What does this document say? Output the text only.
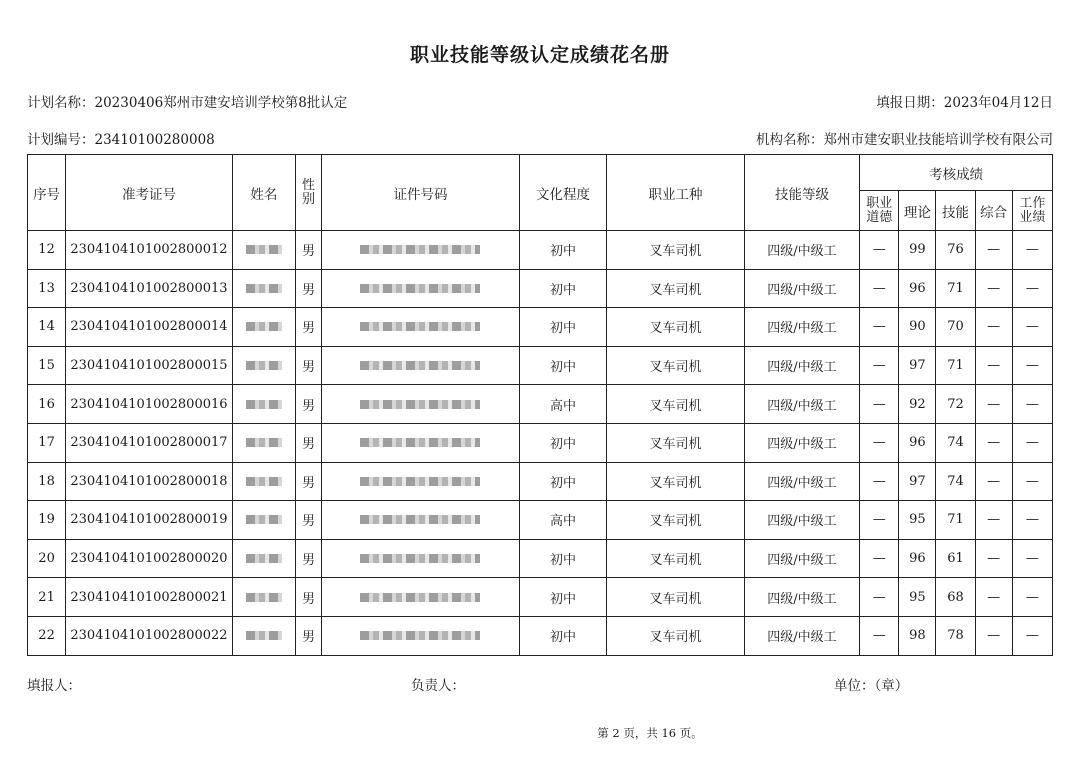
职业技能等级认定成绩花名册
计划名称：20230406郑州市建安培训学校第8批认定	填报日期：2023年04月12日
计划编号：23410100280008	机构名称：郑州市建安职业技能培训学校有限公司
序号	准考证号	姓名	性别	证件号码	文化程度	职业工种	技能等级	考核成绩				
								职业道德	理论	技能	综合	工作业绩
12	2304104101002800012		男		初中	叉车司机	四级/中级工	—	99	76	—	—
13	2304104101002800013		男		初中	叉车司机	四级/中级工	—	96	71	—	—
14	2304104101002800014		男		初中	叉车司机	四级/中级工	—	90	70	—	—
15	2304104101002800015		男		初中	叉车司机	四级/中级工	—	97	71	—	—
16	2304104101002800016		男		高中	叉车司机	四级/中级工	—	92	72	—	—
17	2304104101002800017		男		初中	叉车司机	四级/中级工	—	96	74	—	—
18	2304104101002800018		男		初中	叉车司机	四级/中级工	—	97	74	—	—
19	2304104101002800019		男		高中	叉车司机	四级/中级工	—	95	71	—	—
20	2304104101002800020		男		初中	叉车司机	四级/中级工	—	96	61	—	—
21	2304104101002800021		男		初中	叉车司机	四级/中级工	—	95	68	—	—
22	2304104101002800022		男		初中	叉车司机	四级/中级工	—	98	78	—	—
填报人：	负责人：	单位：（章）
第 2 页，共 16 页。
